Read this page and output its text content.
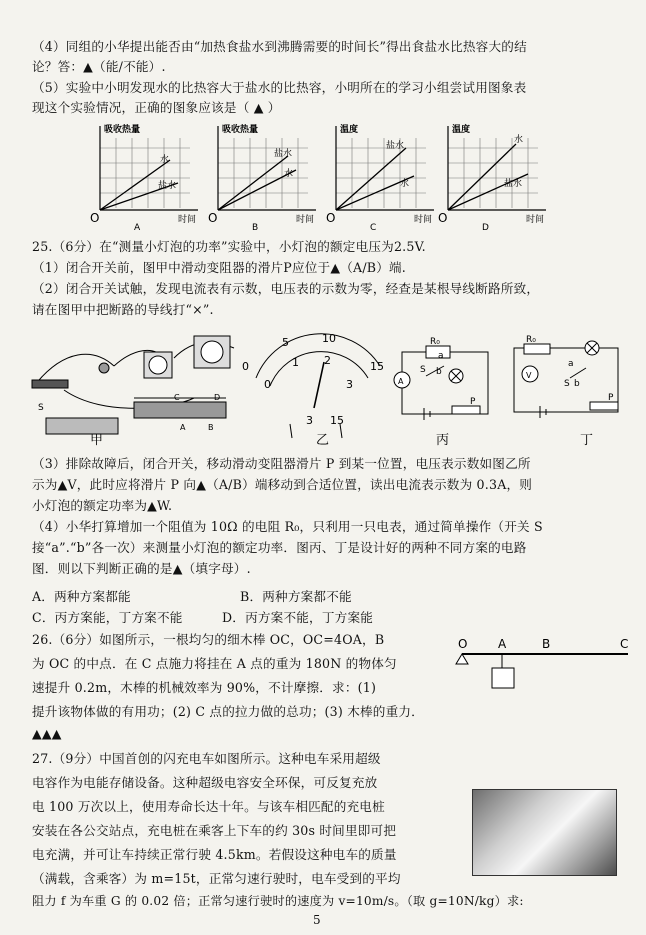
（4）同组的小华提出能否由“加热食盐水到沸腾需要的时间长”得出食盐水比热容大的结
论？答：▲（能/不能）.
（5）实验中小明发现水的比热容大于盐水的比热容，小明所在的学习小组尝试用图象表
现这个实验情况，正确的图象应该是（ ▲ ）
吸收热量
水
盐水
O	时间
A
吸收热量
盐水
水
O	时间
B
温度
盐水
水
O	时间
C
温度
水
盐水
O	时间
D
25.（6分）在“测量小灯泡的功率”实验中，小灯泡的额定电压为2.5V.
（1）闭合开关前，图甲中滑动变阻器的滑片P应位于▲（A/B）端.
（2）闭合开关试触，发现电流表有示数，电压表的示数为零，经查是某根导线断路所致，
请在图甲中把断路的导线打“×”.
S
A	B
C	D
甲
0
5	10
15
0
1 2
3
3 15
乙
A
R₀
S
a
b
P
丙
R₀
V
a
S b
P
丁
（3）排除故障后，闭合开关，移动滑动变阻器滑片 P 到某一位置，电压表示数如图乙所
示为▲V，此时应将滑片 P 向▲（A/B）端移动到合适位置，读出电流表示数为 0.3A，则
小灯泡的额定功率为▲W.
（4）小华打算增加一个阻值为 10Ω 的电阻 R₀，只利用一只电表，通过简单操作（开关 S
接“a”.“b”各一次）来测量小灯泡的额定功率．图丙、丁是设计好的两种不同方案的电路
图．则以下判断正确的是▲（填字母）.
A．两种方案都能	B．两种方案都不能
C．丙方案能，丁方案不能	D．丙方案不能，丁方案能
26.（6分）如图所示，一根均匀的细木棒 OC，OC=4OA，B
为 OC 的中点．在 C 点施力将挂在 A 点的重为 180N 的物体匀
速提升 0.2m，木棒的机械效率为 90%，不计摩擦．求：(1)
提升该物体做的有用功；(2) C 点的拉力做的总功；(3) 木棒的重力．
▲▲▲
O	A	B	C
27.（9分）中国首创的闪充电车如图所示。这种电车采用超级
电容作为电能存储设备。这种超级电容安全环保，可反复充放
电 100 万次以上，使用寿命长达十年。与该车相匹配的充电桩
安装在各公交站点，充电桩在乘客上下车的约 30s 时间里即可把
电充满，并可让车持续正常行驶 4.5km。若假设这种电车的质量
（满载，含乘客）为 m=15t，正常匀速行驶时，电车受到的平均
阻力 f 为车重 G 的 0.02 倍；正常匀速行驶时的速度为 v=10m/s。（取 g=10N/kg）求:
5
